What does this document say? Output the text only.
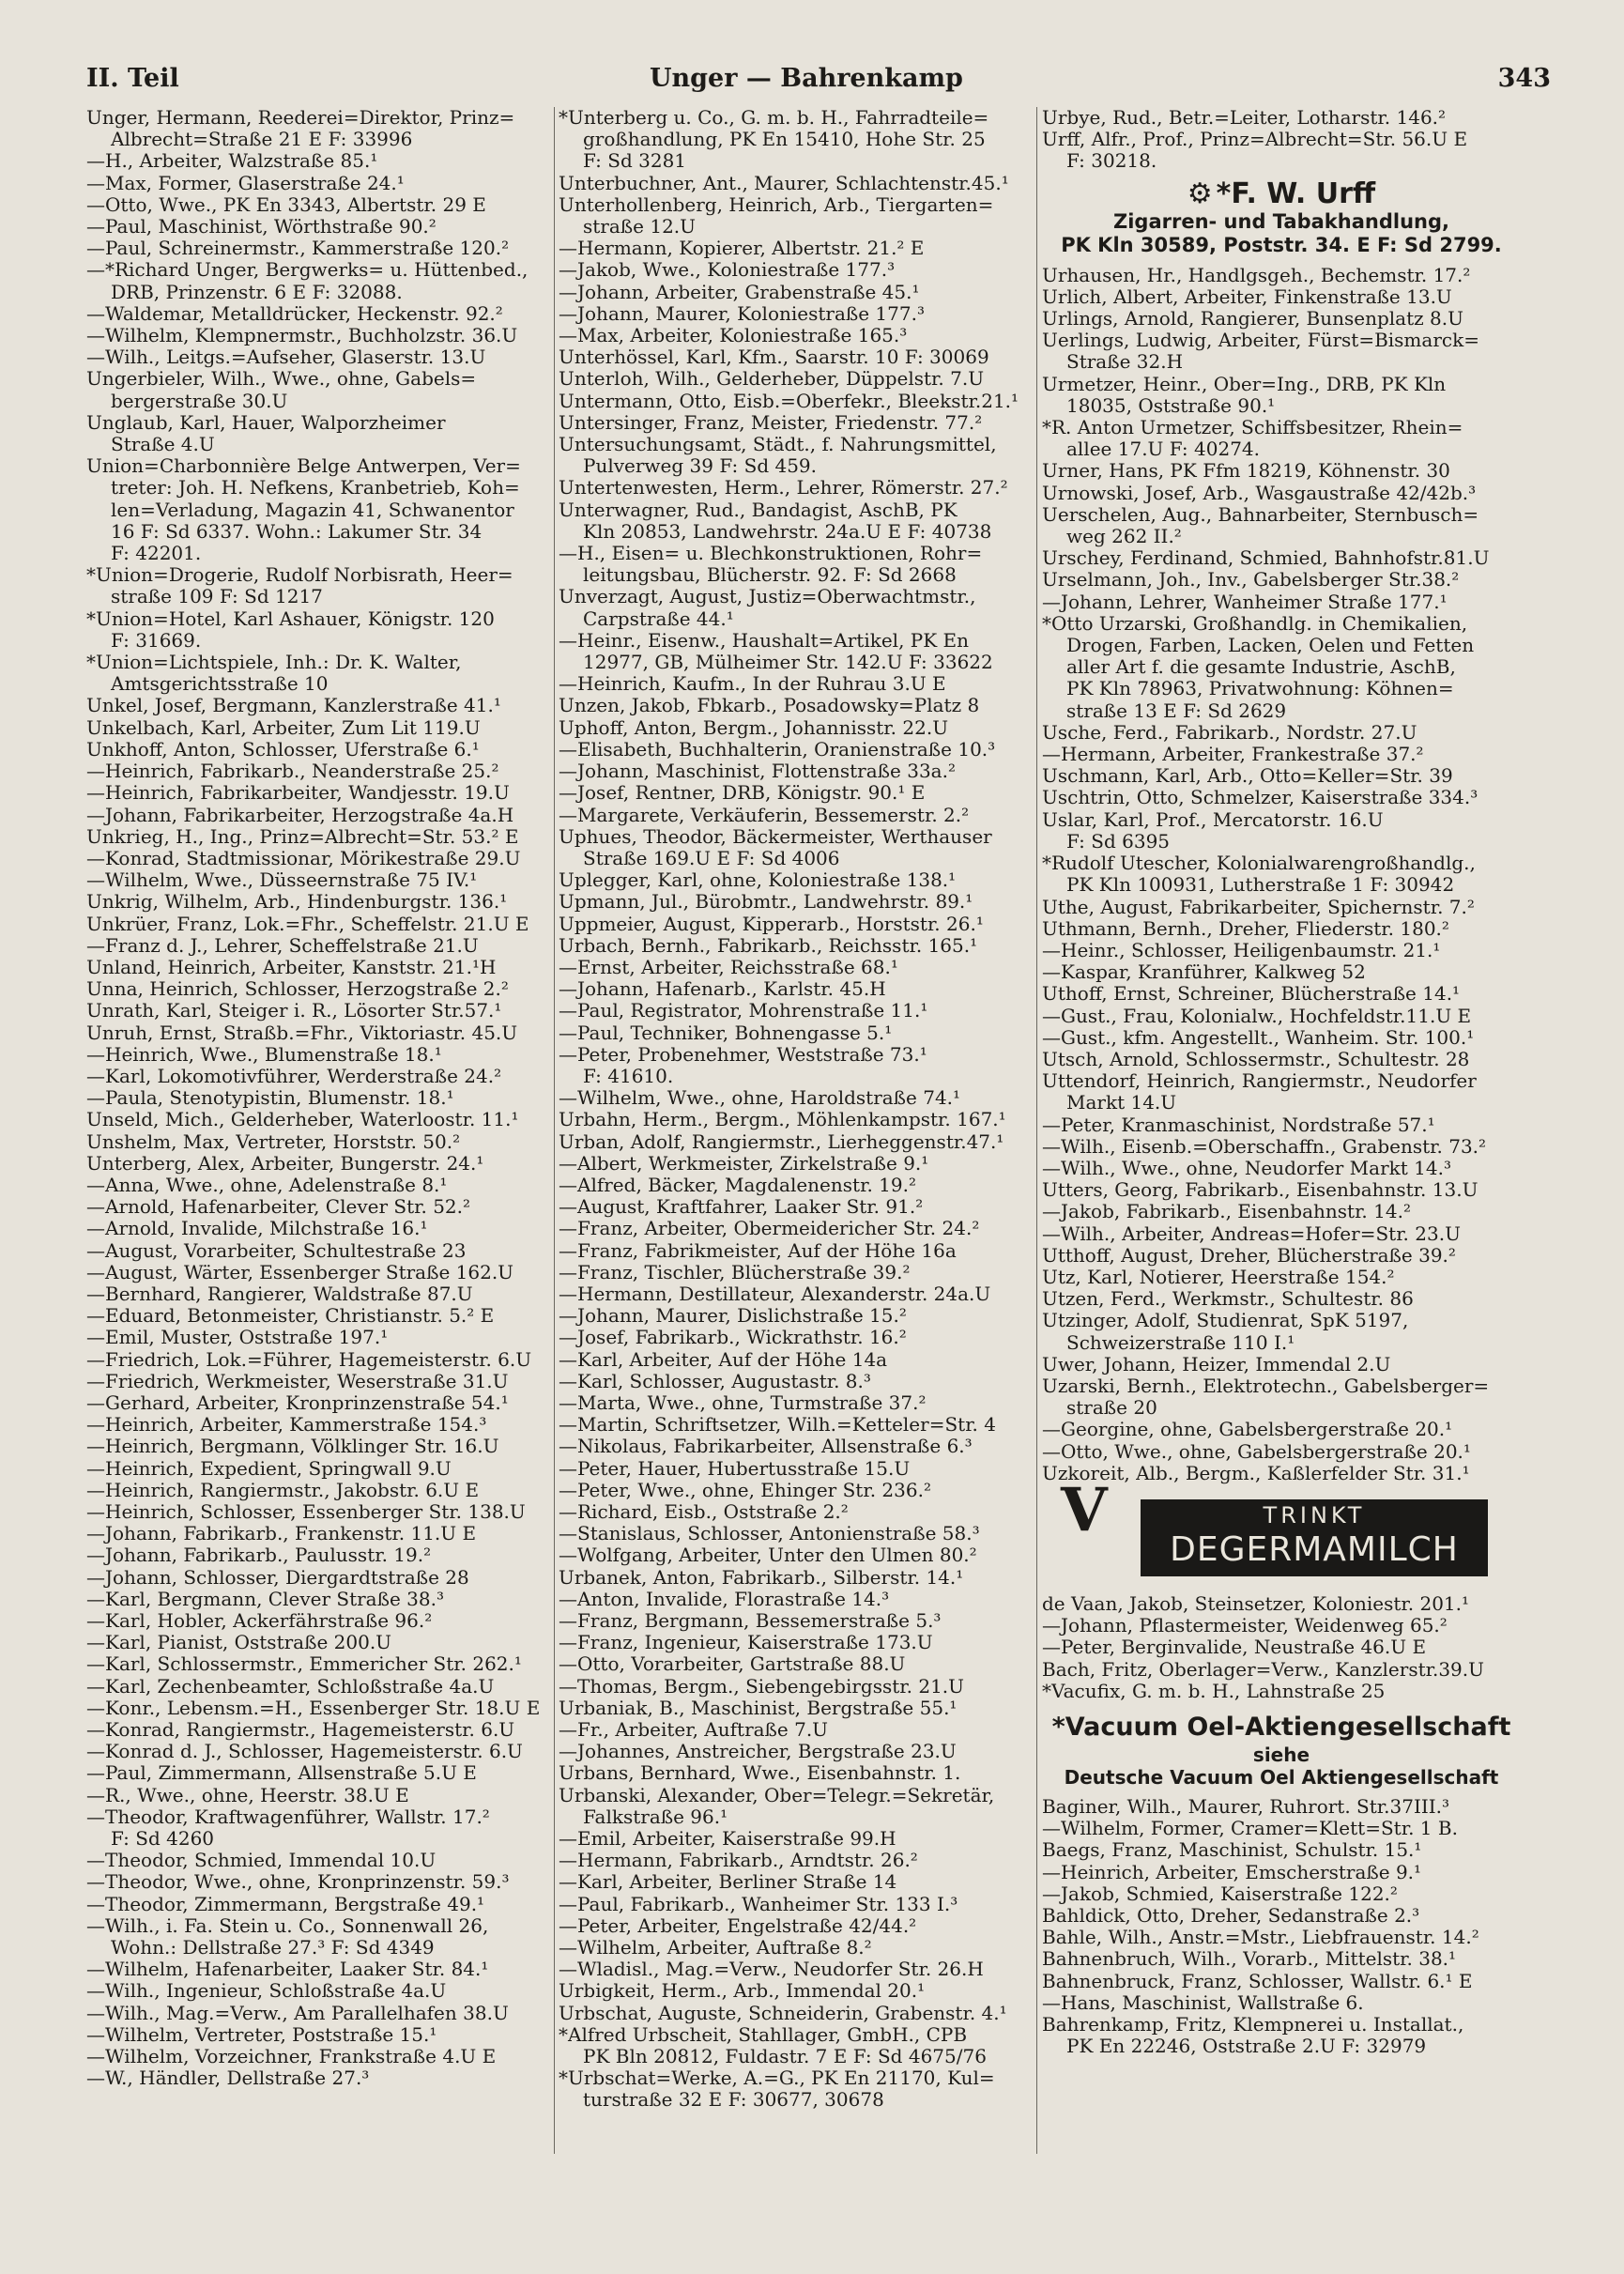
II. Teil	Unger — Bahrenkamp	343
Unger, Hermann, Reederei=Direktor, Prinz=
Albrecht=Straße 21 E F: 33996
—H., Arbeiter, Walzstraße 85.¹
—Max, Former, Glaserstraße 24.¹
—Otto, Wwe., PK En 3343, Albertstr. 29 E
—Paul, Maschinist, Wörthstraße 90.²
—Paul, Schreinermstr., Kammerstraße 120.²
—*Richard Unger, Bergwerks= u. Hüttenbed.,
DRB, Prinzenstr. 6 E F: 32088.
—Waldemar, Metalldrücker, Heckenstr. 92.²
—Wilhelm, Klempnermstr., Buchholzstr. 36.U
—Wilh., Leitgs.=Aufseher, Glaserstr. 13.U
Ungerbieler, Wilh., Wwe., ohne, Gabels=
bergerstraße 30.U
Unglaub, Karl, Hauer, Walporzheimer
Straße 4.U
Union=Charbonnière Belge Antwerpen, Ver=
treter: Joh. H. Nefkens, Kranbetrieb, Koh=
len=Verladung, Magazin 41, Schwanentor
16 F: Sd 6337. Wohn.: Lakumer Str. 34
F: 42201.
*Union=Drogerie, Rudolf Norbisrath, Heer=
straße 109 F: Sd 1217
*Union=Hotel, Karl Ashauer, Königstr. 120
F: 31669.
*Union=Lichtspiele, Inh.: Dr. K. Walter,
Amtsgerichtsstraße 10
Unkel, Josef, Bergmann, Kanzlerstraße 41.¹
Unkelbach, Karl, Arbeiter, Zum Lit 119.U
Unkhoff, Anton, Schlosser, Uferstraße 6.¹
—Heinrich, Fabrikarb., Neanderstraße 25.²
—Heinrich, Fabrikarbeiter, Wandjesstr. 19.U
—Johann, Fabrikarbeiter, Herzogstraße 4a.H
Unkrieg, H., Ing., Prinz=Albrecht=Str. 53.² E
—Konrad, Stadtmissionar, Mörikestraße 29.U
—Wilhelm, Wwe., Düsseernstraße 75 IV.¹
Unkrig, Wilhelm, Arb., Hindenburgstr. 136.¹
Unkrüer, Franz, Lok.=Fhr., Scheffelstr. 21.U E
—Franz d. J., Lehrer, Scheffelstraße 21.U
Unland, Heinrich, Arbeiter, Kanststr. 21.¹H
Unna, Heinrich, Schlosser, Herzogstraße 2.²
Unrath, Karl, Steiger i. R., Lösorter Str.57.¹
Unruh, Ernst, Straßb.=Fhr., Viktoriastr. 45.U
—Heinrich, Wwe., Blumenstraße 18.¹
—Karl, Lokomotivführer, Werderstraße 24.²
—Paula, Stenotypistin, Blumenstr. 18.¹
Unseld, Mich., Gelderheber, Waterloostr. 11.¹
Unshelm, Max, Vertreter, Horststr. 50.²
Unterberg, Alex, Arbeiter, Bungerstr. 24.¹
—Anna, Wwe., ohne, Adelenstraße 8.¹
—Arnold, Hafenarbeiter, Clever Str. 52.²
—Arnold, Invalide, Milchstraße 16.¹
—August, Vorarbeiter, Schultestraße 23
—August, Wärter, Essenberger Straße 162.U
—Bernhard, Rangierer, Waldstraße 87.U
—Eduard, Betonmeister, Christianstr. 5.² E
—Emil, Muster, Oststraße 197.¹
—Friedrich, Lok.=Führer, Hagemeisterstr. 6.U
—Friedrich, Werkmeister, Weserstraße 31.U
—Gerhard, Arbeiter, Kronprinzenstraße 54.¹
—Heinrich, Arbeiter, Kammerstraße 154.³
—Heinrich, Bergmann, Völklinger Str. 16.U
—Heinrich, Expedient, Springwall 9.U
—Heinrich, Rangiermstr., Jakobstr. 6.U E
—Heinrich, Schlosser, Essenberger Str. 138.U
—Johann, Fabrikarb., Frankenstr. 11.U E
—Johann, Fabrikarb., Paulusstr. 19.²
—Johann, Schlosser, Diergardtstraße 28
—Karl, Bergmann, Clever Straße 38.³
—Karl, Hobler, Ackerfährstraße 96.²
—Karl, Pianist, Oststraße 200.U
—Karl, Schlossermstr., Emmericher Str. 262.¹
—Karl, Zechenbeamter, Schloßstraße 4a.U
—Konr., Lebensm.=H., Essenberger Str. 18.U E
—Konrad, Rangiermstr., Hagemeisterstr. 6.U
—Konrad d. J., Schlosser, Hagemeisterstr. 6.U
—Paul, Zimmermann, Allsenstraße 5.U E
—R., Wwe., ohne, Heerstr. 38.U E
—Theodor, Kraftwagenführer, Wallstr. 17.²
F: Sd 4260
—Theodor, Schmied, Immendal 10.U
—Theodor, Wwe., ohne, Kronprinzenstr. 59.³
—Theodor, Zimmermann, Bergstraße 49.¹
—Wilh., i. Fa. Stein u. Co., Sonnenwall 26,
Wohn.: Dellstraße 27.³ F: Sd 4349
—Wilhelm, Hafenarbeiter, Laaker Str. 84.¹
—Wilh., Ingenieur, Schloßstraße 4a.U
—Wilh., Mag.=Verw., Am Parallelhafen 38.U
—Wilhelm, Vertreter, Poststraße 15.¹
—Wilhelm, Vorzeichner, Frankstraße 4.U E
—W., Händler, Dellstraße 27.³
*Unterberg u. Co., G. m. b. H., Fahrradteile=
großhandlung, PK En 15410, Hohe Str. 25
F: Sd 3281
Unterbuchner, Ant., Maurer, Schlachtenstr.45.¹
Unterhollenberg, Heinrich, Arb., Tiergarten=
straße 12.U
—Hermann, Kopierer, Albertstr. 21.² E
—Jakob, Wwe., Koloniestraße 177.³
—Johann, Arbeiter, Grabenstraße 45.¹
—Johann, Maurer, Koloniestraße 177.³
—Max, Arbeiter, Koloniestraße 165.³
Unterhössel, Karl, Kfm., Saarstr. 10 F: 30069
Unterloh, Wilh., Gelderheber, Düppelstr. 7.U
Untermann, Otto, Eisb.=Oberfekr., Bleekstr.21.¹
Untersinger, Franz, Meister, Friedenstr. 77.²
Untersuchungsamt, Städt., f. Nahrungsmittel,
Pulverweg 39 F: Sd 459.
Untertenwesten, Herm., Lehrer, Römerstr. 27.²
Unterwagner, Rud., Bandagist, AschB, PK
Kln 20853, Landwehrstr. 24a.U E F: 40738
—H., Eisen= u. Blechkonstruktionen, Rohr=
leitungsbau, Blücherstr. 92. F: Sd 2668
Unverzagt, August, Justiz=Oberwachtmstr.,
Carpstraße 44.¹
—Heinr., Eisenw., Haushalt=Artikel, PK En
12977, GB, Mülheimer Str. 142.U F: 33622
—Heinrich, Kaufm., In der Ruhrau 3.U E
Unzen, Jakob, Fbkarb., Posadowsky=Platz 8
Uphoff, Anton, Bergm., Johannisstr. 22.U
—Elisabeth, Buchhalterin, Oranienstraße 10.³
—Johann, Maschinist, Flottenstraße 33a.²
—Josef, Rentner, DRB, Königstr. 90.¹ E
—Margarete, Verkäuferin, Bessemerstr. 2.²
Uphues, Theodor, Bäckermeister, Werthauser
Straße 169.U E F: Sd 4006
Uplegger, Karl, ohne, Koloniestraße 138.¹
Upmann, Jul., Bürobmtr., Landwehrstr. 89.¹
Uppmeier, August, Kipperarb., Horststr. 26.¹
Urbach, Bernh., Fabrikarb., Reichsstr. 165.¹
—Ernst, Arbeiter, Reichsstraße 68.¹
—Johann, Hafenarb., Karlstr. 45.H
—Paul, Registrator, Mohrenstraße 11.¹
—Paul, Techniker, Bohnengasse 5.¹
—Peter, Probenehmer, Weststraße 73.¹
F: 41610.
—Wilhelm, Wwe., ohne, Haroldstraße 74.¹
Urbahn, Herm., Bergm., Möhlenkampstr. 167.¹
Urban, Adolf, Rangiermstr., Lierheggenstr.47.¹
—Albert, Werkmeister, Zirkelstraße 9.¹
—Alfred, Bäcker, Magdalenenstr. 19.²
—August, Kraftfahrer, Laaker Str. 91.²
—Franz, Arbeiter, Obermeidericher Str. 24.²
—Franz, Fabrikmeister, Auf der Höhe 16a
—Franz, Tischler, Blücherstraße 39.²
—Hermann, Destillateur, Alexanderstr. 24a.U
—Johann, Maurer, Dislichstraße 15.²
—Josef, Fabrikarb., Wickrathstr. 16.²
—Karl, Arbeiter, Auf der Höhe 14a
—Karl, Schlosser, Augustastr. 8.³
—Marta, Wwe., ohne, Turmstraße 37.²
—Martin, Schriftsetzer, Wilh.=Ketteler=Str. 4
—Nikolaus, Fabrikarbeiter, Allsenstraße 6.³
—Peter, Hauer, Hubertusstraße 15.U
—Peter, Wwe., ohne, Ehinger Str. 236.²
—Richard, Eisb., Oststraße 2.²
—Stanislaus, Schlosser, Antonienstraße 58.³
—Wolfgang, Arbeiter, Unter den Ulmen 80.²
Urbanek, Anton, Fabrikarb., Silberstr. 14.¹
—Anton, Invalide, Florastraße 14.³
—Franz, Bergmann, Bessemerstraße 5.³
—Franz, Ingenieur, Kaiserstraße 173.U
—Otto, Vorarbeiter, Gartstraße 88.U
—Thomas, Bergm., Siebengebirgsstr. 21.U
Urbaniak, B., Maschinist, Bergstraße 55.¹
—Fr., Arbeiter, Auftraße 7.U
—Johannes, Anstreicher, Bergstraße 23.U
Urbans, Bernhard, Wwe., Eisenbahnstr. 1.
Urbanski, Alexander, Ober=Telegr.=Sekretär,
Falkstraße 96.¹
—Emil, Arbeiter, Kaiserstraße 99.H
—Hermann, Fabrikarb., Arndtstr. 26.²
—Karl, Arbeiter, Berliner Straße 14
—Paul, Fabrikarb., Wanheimer Str. 133 I.³
—Peter, Arbeiter, Engelstraße 42/44.²
—Wilhelm, Arbeiter, Auftraße 8.²
—Wladisl., Mag.=Verw., Neudorfer Str. 26.H
Urbigkeit, Herm., Arb., Immendal 20.¹
Urbschat, Auguste, Schneiderin, Grabenstr. 4.¹
*Alfred Urbscheit, Stahllager, GmbH., CPB
PK Bln 20812, Fuldastr. 7 E F: Sd 4675/76
*Urbschat=Werke, A.=G., PK En 21170, Kul=
turstraße 32 E F: 30677, 30678
Urbye, Rud., Betr.=Leiter, Lotharstr. 146.²
Urff, Alfr., Prof., Prinz=Albrecht=Str. 56.U E
F: 30218.
⚙ *F. W. Urff
Zigarren- und Tabakhandlung,
PK Kln 30589, Poststr. 34. E F: Sd 2799.
Urhausen, Hr., Handlgsgeh., Bechemstr. 17.²
Urlich, Albert, Arbeiter, Finkenstraße 13.U
Urlings, Arnold, Rangierer, Bunsenplatz 8.U
Uerlings, Ludwig, Arbeiter, Fürst=Bismarck=
Straße 32.H
Urmetzer, Heinr., Ober=Ing., DRB, PK Kln
18035, Oststraße 90.¹
*R. Anton Urmetzer, Schiffsbesitzer, Rhein=
allee 17.U F: 40274.
Urner, Hans, PK Ffm 18219, Köhnenstr. 30
Urnowski, Josef, Arb., Wasgaustraße 42/42b.³
Uerschelen, Aug., Bahnarbeiter, Sternbusch=
weg 262 II.²
Urschey, Ferdinand, Schmied, Bahnhofstr.81.U
Urselmann, Joh., Inv., Gabelsberger Str.38.²
—Johann, Lehrer, Wanheimer Straße 177.¹
*Otto Urzarski, Großhandlg. in Chemikalien,
Drogen, Farben, Lacken, Oelen und Fetten
aller Art f. die gesamte Industrie, AschB,
PK Kln 78963, Privatwohnung: Köhnen=
straße 13 E F: Sd 2629
Usche, Ferd., Fabrikarb., Nordstr. 27.U
—Hermann, Arbeiter, Frankestraße 37.²
Uschmann, Karl, Arb., Otto=Keller=Str. 39
Uschtrin, Otto, Schmelzer, Kaiserstraße 334.³
Uslar, Karl, Prof., Mercatorstr. 16.U
F: Sd 6395
*Rudolf Utescher, Kolonialwarengroßhandlg.,
PK Kln 100931, Lutherstraße 1 F: 30942
Uthe, August, Fabrikarbeiter, Spichernstr. 7.²
Uthmann, Bernh., Dreher, Fliederstr. 180.²
—Heinr., Schlosser, Heiligenbaumstr. 21.¹
—Kaspar, Kranführer, Kalkweg 52
Uthoff, Ernst, Schreiner, Blücherstraße 14.¹
—Gust., Frau, Kolonialw., Hochfeldstr.11.U E
—Gust., kfm. Angestellt., Wanheim. Str. 100.¹
Utsch, Arnold, Schlossermstr., Schultestr. 28
Uttendorf, Heinrich, Rangiermstr., Neudorfer
Markt 14.U
—Peter, Kranmaschinist, Nordstraße 57.¹
—Wilh., Eisenb.=Oberschaffn., Grabenstr. 73.²
—Wilh., Wwe., ohne, Neudorfer Markt 14.³
Utters, Georg, Fabrikarb., Eisenbahnstr. 13.U
—Jakob, Fabrikarb., Eisenbahnstr. 14.²
—Wilh., Arbeiter, Andreas=Hofer=Str. 23.U
Utthoff, August, Dreher, Blücherstraße 39.²
Utz, Karl, Notierer, Heerstraße 154.²
Utzen, Ferd., Werkmstr., Schultestr. 86
Utzinger, Adolf, Studienrat, SpK 5197,
Schweizerstraße 110 I.¹
Uwer, Johann, Heizer, Immendal 2.U
Uzarski, Bernh., Elektrotechn., Gabelsberger=
straße 20
—Georgine, ohne, Gabelsbergerstraße 20.¹
—Otto, Wwe., ohne, Gabelsbergerstraße 20.¹
Uzkoreit, Alb., Bergm., Kaßlerfelder Str. 31.¹
V	TRINKT
DEGERMAMILCH
de Vaan, Jakob, Steinsetzer, Koloniestr. 201.¹
—Johann, Pflastermeister, Weidenweg 65.²
—Peter, Berginvalide, Neustraße 46.U E
Bach, Fritz, Oberlager=Verw., Kanzlerstr.39.U
*Vacufix, G. m. b. H., Lahnstraße 25
*Vacuum Oel-Aktiengesellschaft
siehe
Deutsche Vacuum Oel Aktiengesellschaft
Baginer, Wilh., Maurer, Ruhrort. Str.37III.³
—Wilhelm, Former, Cramer=Klett=Str. 1 B.
Baegs, Franz, Maschinist, Schulstr. 15.¹
—Heinrich, Arbeiter, Emscherstraße 9.¹
—Jakob, Schmied, Kaiserstraße 122.²
Bahldick, Otto, Dreher, Sedanstraße 2.³
Bahle, Wilh., Anstr.=Mstr., Liebfrauenstr. 14.²
Bahnenbruch, Wilh., Vorarb., Mittelstr. 38.¹
Bahnenbruck, Franz, Schlosser, Wallstr. 6.¹ E
—Hans, Maschinist, Wallstraße 6.
Bahrenkamp, Fritz, Klempnerei u. Installat.,
PK En 22246, Oststraße 2.U F: 32979
